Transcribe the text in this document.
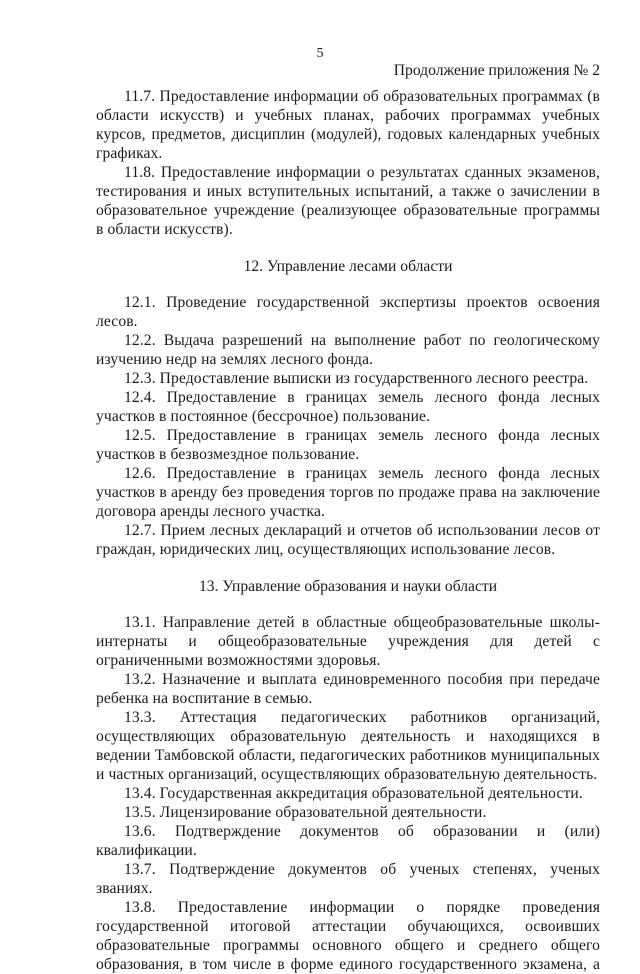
5
Продолжение приложения № 2

11.7. Предоставление информации об образовательных программах (в области искусств) и учебных планах, рабочих программах учебных курсов, предметов, дисциплин (модулей), годовых календарных учебных графиках.

11.8. Предоставление информации о результатах сданных экзаменов, тестирования и иных вступительных испытаний, а также о зачислении в образовательное учреждение (реализующее образовательные программы в области искусств).

12. Управление лесами области

12.1. Проведение государственной экспертизы проектов освоения лесов.

12.2. Выдача разрешений на выполнение работ по геологическому изучению недр на землях лесного фонда.

12.3. Предоставление выписки из государственного лесного реестра.

12.4. Предоставление в границах земель лесного фонда лесных участков в постоянное (бессрочное) пользование.

12.5. Предоставление в границах земель лесного фонда лесных участков в безвозмездное пользование.

12.6. Предоставление в границах земель лесного фонда лесных участков в аренду без проведения торгов по продаже права на заключение договора аренды лесного участка.

12.7. Прием лесных деклараций и отчетов об использовании лесов от граждан, юридических лиц, осуществляющих использование лесов.

13. Управление образования и науки области

13.1. Направление детей в областные общеобразовательные школы-интернаты и общеобразовательные учреждения для детей с ограниченными возможностями здоровья.

13.2. Назначение и выплата единовременного пособия при передаче ребенка на воспитание в семью.

13.3. Аттестация педагогических работников организаций, осуществляющих образовательную деятельность и находящихся в ведении Тамбовской области, педагогических работников муниципальных и частных организаций, осуществляющих образовательную деятельность.

13.4. Государственная аккредитация образовательной деятельности.

13.5. Лицензирование образовательной деятельности.

13.6. Подтверждение документов об образовании и (или) квалификации.

13.7. Подтверждение документов об ученых степенях, ученых званиях.

13.8. Предоставление информации о порядке проведения государственной итоговой аттестации обучающихся, освоивших образовательные программы основного общего и среднего общего образования, в том числе в форме единого государственного экзамена, а
